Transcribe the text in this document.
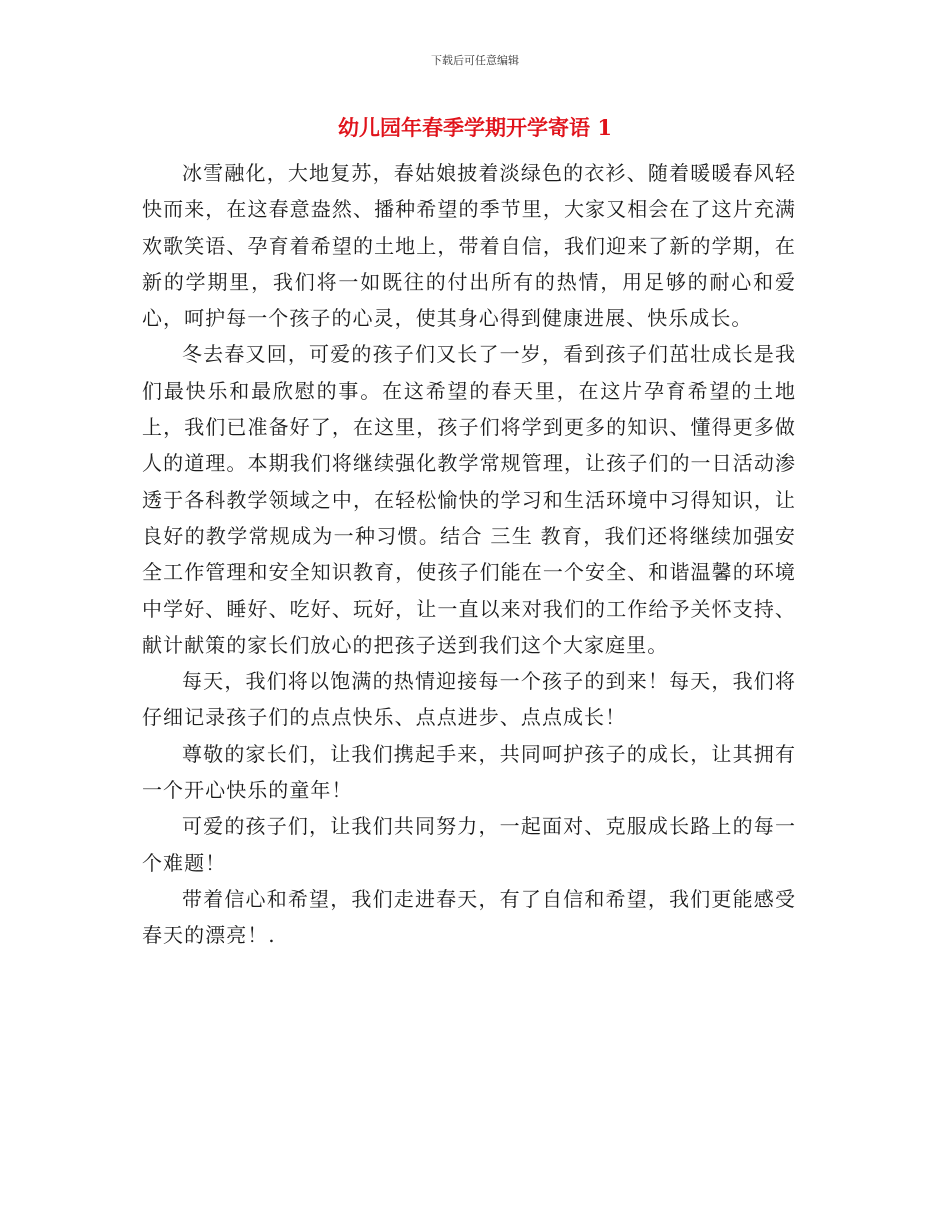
下载后可任意编辑
幼儿园年春季学期开学寄语 1

冰雪融化，大地复苏，春姑娘披着淡绿色的衣衫、随着暖暖春风轻快而来，在这春意盎然、播种希望的季节里，大家又相会在了这片充满欢歌笑语、孕育着希望的土地上，带着自信，我们迎来了新的学期，在新的学期里，我们将一如既往的付出所有的热情，用足够的耐心和爱心，呵护每一个孩子的心灵，使其身心得到健康进展、快乐成长。

冬去春又回，可爱的孩子们又长了一岁，看到孩子们茁壮成长是我们最快乐和最欣慰的事。在这希望的春天里，在这片孕育希望的土地上，我们已准备好了，在这里，孩子们将学到更多的知识、懂得更多做人的道理。本期我们将继续强化教学常规管理，让孩子们的一日活动渗透于各科教学领域之中，在轻松愉快的学习和生活环境中习得知识，让良好的教学常规成为一种习惯。结合 三生 教育，我们还将继续加强安全工作管理和安全知识教育，使孩子们能在一个安全、和谐温馨的环境中学好、睡好、吃好、玩好，让一直以来对我们的工作给予关怀支持、献计献策的家长们放心的把孩子送到我们这个大家庭里。

每天，我们将以饱满的热情迎接每一个孩子的到来！每天，我们将仔细记录孩子们的点点快乐、点点进步、点点成长！

尊敬的家长们，让我们携起手来，共同呵护孩子的成长，让其拥有一个开心快乐的童年！

可爱的孩子们，让我们共同努力，一起面对、克服成长路上的每一个难题！

带着信心和希望，我们走进春天，有了自信和希望，我们更能感受春天的漂亮！.
